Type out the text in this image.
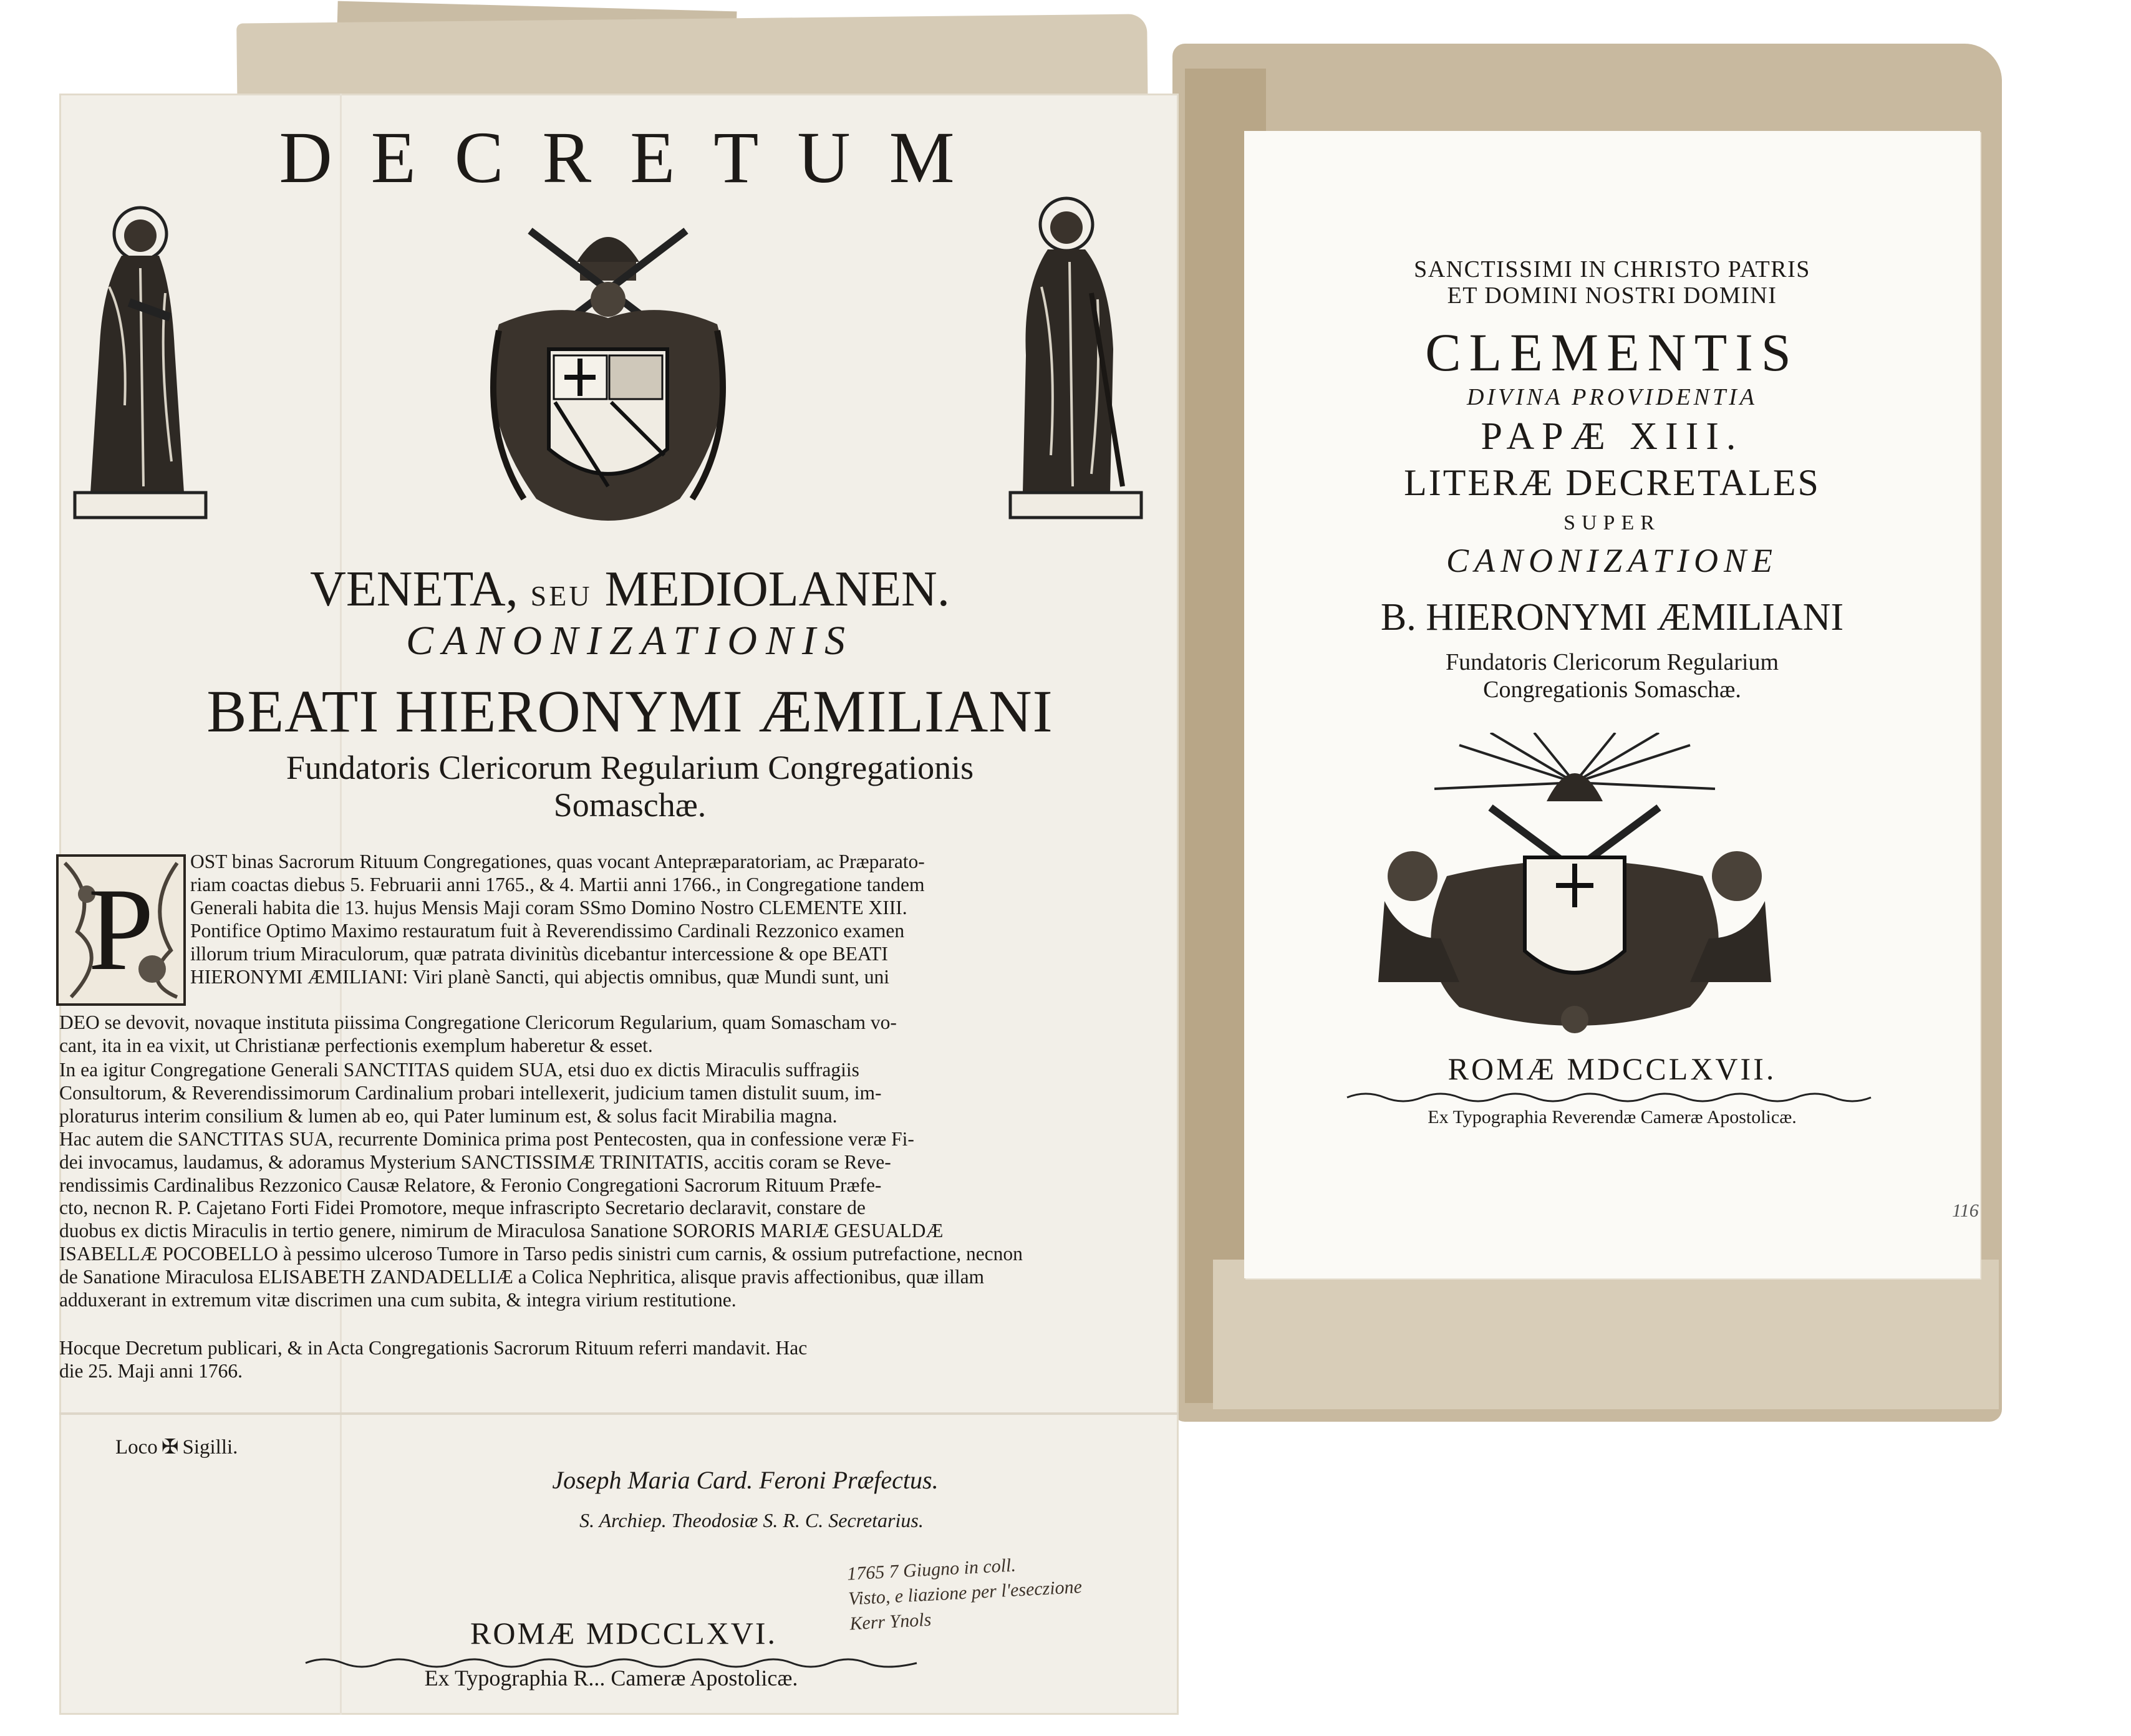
DECRETUM
VENETA, SEU MEDIOLANEN.
CANONIZATIONIS
BEATI HIERONYMI ÆMILIANI
Fundatoris Clericorum Regularium Congregationis
Somaschæ.
P
OST binas Sacrorum Rituum Congregationes, quas vocant Antepræparatoriam, ac Præparato-
riam coactas diebus 5. Februarii anni 1765., & 4. Martii anni 1766., in Congregatione tandem
Generali habita die 13. hujus Mensis Maji coram SSmo Domino Nostro CLEMENTE XIII.
Pontifice Optimo Maximo restauratum fuit à Reverendissimo Cardinali Rezzonico examen
illorum trium Miraculorum, quæ patrata divinitùs dicebantur intercessione & ope BEATI
HIERONYMI ÆMILIANI: Viri planè Sancti, qui abjectis omnibus, quæ Mundi sunt, uni
DEO se devovit, novaque instituta piissima Congregatione Clericorum Regularium, quam Somascham vo-
cant, ita in ea vixit, ut Christianæ perfectionis exemplum haberetur & esset.
In ea igitur Congregatione Generali SANCTITAS quidem SUA, etsi duo ex dictis Miraculis suffragiis
Consultorum, & Reverendissimorum Cardinalium probari intellexerit, judicium tamen distulit suum, im-
ploraturus interim consilium & lumen ab eo, qui Pater luminum est, & solus facit Mirabilia magna.
Hac autem die SANCTITAS SUA, recurrente Dominica prima post Pentecosten, qua in confessione veræ Fi-
dei invocamus, laudamus, & adoramus Mysterium SANCTISSIMÆ TRINITATIS, accitis coram se Reve-
rendissimis Cardinalibus Rezzonico Causæ Relatore, & Feronio Congregationi Sacrorum Rituum Præfe-
cto, necnon R. P. Cajetano Forti Fidei Promotore, meque infrascripto Secretario declaravit, constare de
duobus ex dictis Miraculis in tertio genere, nimirum de Miraculosa Sanatione SORORIS MARIÆ GESUALDÆ
ISABELLÆ POCOBELLO à pessimo ulceroso Tumore in Tarso pedis sinistri cum carnis, & ossium putrefactione, necnon
de Sanatione Miraculosa ELISABETH ZANDADELLIÆ a Colica Nephritica, alisque pravis affectionibus, quæ illam
adduxerant in extremum vitæ discrimen una cum subita, & integra virium restitutione.
Hocque Decretum publicari, & in Acta Congregationis Sacrorum Rituum referri mandavit. Hac
die 25. Maji anni 1766.
Loco ✠ Sigilli.
Joseph Maria Card. Feroni Præfectus.
S. Archiep. Theodosiæ S. R. C. Secretarius.
1765 7 Giugno in coll.
Visto, e liazione per l'eseczione
Kerr Ynols
ROMÆ MDCCLXVI.
Ex Typographia R... Cameræ Apostolicæ.
SANCTISSIMI IN CHRISTO PATRIS
ET DOMINI NOSTRI DOMINI
CLEMENTIS
DIVINA PROVIDENTIA
PAPÆ XIII.
LITERÆ DECRETALES
SUPER
CANONIZATIONE
B. HIERONYMI ÆMILIANI
Fundatoris Clericorum Regularium
Congregationis Somaschæ.
ROMÆ MDCCLXVII.
Ex Typographia Reverendæ Cameræ Apostolicæ.
116
